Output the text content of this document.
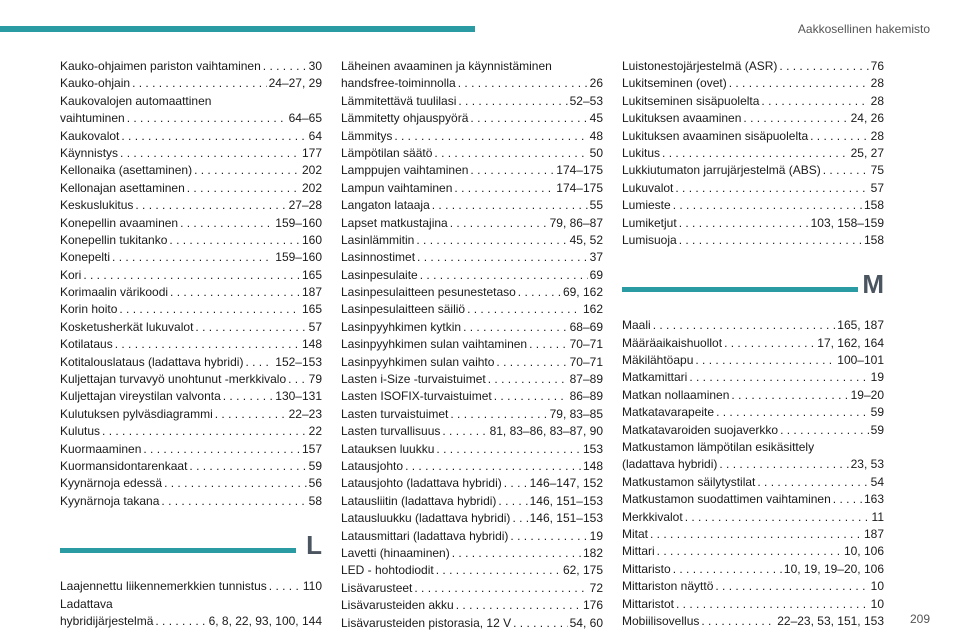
Aakkosellinen hakemisto
Kauko-ohjaimen pariston vaihtaminen . . .	30
Kauko-ohjain . . .	24–27, 29
Kaukovalojen automaattinen
vaihtuminen . . .	64–65
Kaukovalot . . .	64
Käynnistys . . .	177
Kellonaika (asettaminen) . . .	202
Kellonajan asettaminen . . .	202
Keskuslukitus . . .	27–28
Konepellin avaaminen . . .	159–160
Konepellin tukitanko . . .	160
Konepelti . . .	159–160
Kori . . .	165
Korimaalin värikoodi . . .	187
Korin hoito . . .	165
Kosketusherkät lukuvalot . . .	57
Kotilataus . . .	148
Kotitalouslataus (ladattava hybridi) . . .	152–153
Kuljettajan turvavyö unohtunut -merkkivalo . . . 79
Kuljettajan vireystilan valvonta . . .	130–131
Kulutuksen pylväsdiagrammi . . .	22–23
Kulutus . . .	22
Kuormaaminen . . .	157
Kuormansidontarenkaat . . .	59
Kyynärnoja edessä . . .	56
Kyynärnoja takana . . .	58
L
Laajennettu liikennemerkkien tunnistus . . .	110
Ladattava
hybridijärjestelmä . . .	6, 8, 22, 93, 100, 144
Läheinen avaaminen ja käynnistäminen
handsfree-toiminnolla . . .	26
Lämmitettävä tuulilasi . . .	52–53
Lämmitetty ohjauspyörä . . .	45
Lämmitys . . .	48
Lämpötilan säätö . . .	50
Lamppujen vaihtaminen . . .	174–175
Lampun vaihtaminen . . .	174–175
Langaton lataaja . . .	55
Lapset matkustajina . . .	79, 86–87
Lasinlämmitin . . .	45, 52
Lasinnostimet . . .	37
Lasinpesulaite . . .	69
Lasinpesulaitteen pesunestetaso . . .	69, 162
Lasinpesulaitteen säiliö . . .	162
Lasinpyyhkimen kytkin . . .	68–69
Lasinpyyhkimen sulan vaihtaminen . . .	70–71
Lasinpyyhkimen sulan vaihto . . .	70–71
Lasten i-Size -turvaistuimet . . .	87–89
Lasten ISOFIX-turvaistuimet . . .	86–89
Lasten turvaistuimet . . .	79, 83–85
Lasten turvallisuus . . .	81, 83–86, 83–87, 90
Latauksen luukku . . .	153
Latausjohto . . .	148
Latausjohto (ladattava hybridi) . . . 146–147, 152
Latausliitin (ladattava hybridi) . . .	146, 151–153
Latausluukku (ladattava hybridi) . . . 146, 151–153
Latausmittari (ladattava hybridi) . . .	19
Lavetti (hinaaminen) . . .	182
LED - hohtodiodit . . .	62, 175
Lisävarusteet . . .	72
Lisävarusteiden akku . . .	176
Lisävarusteiden pistorasia, 12 V . . .	54, 60
Luistonestojärjestelmä (ASR) . . .	76
Lukitseminen (ovet) . . .	28
Lukitseminen sisäpuolelta . . .	28
Lukituksen avaaminen . . .	24, 26
Lukituksen avaaminen sisäpuolelta . . .	28
Lukitus . . .	25, 27
Lukkiutumaton jarrujärjestelmä (ABS) . . .	75
Lukuvalot . . .	57
Lumieste . . .	158
Lumiketjut . . .	103, 158–159
Lumisuoja . . .	158
M
Maali . . .	165, 187
Määräaikaishuollot . . .	17, 162, 164
Mäkilähtöapu . . .	100–101
Matkamittari . . .	19
Matkan nollaaminen . . .	19–20
Matkatavarapeite . . .	59
Matkatavaroiden suojaverkko . . .	59
Matkustamon lämpötilan esikäsittely
(ladattava hybridi) . . .	23, 53
Matkustamon säilytystilat . . .	54
Matkustamon suodattimen vaihtaminen . . .	163
Merkkivalot . . .	11
Mitat . . .	187
Mittari . . .	10, 106
Mittaristo . . .	10, 19, 19–20, 106
Mittariston näyttö . . .	10
Mittaristot . . .	10
Mobiilisovellus . . .	22–23, 53, 151, 153 209
